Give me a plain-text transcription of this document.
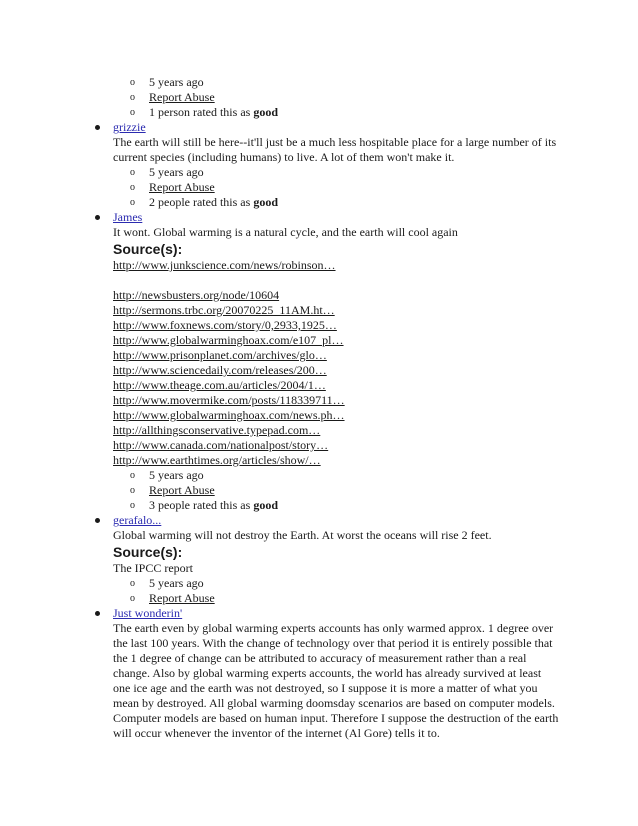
o 5 years ago
o Report Abuse
o 1 person rated this as good
grizzie
The earth will still be here--it'll just be a much less hospitable place for a large number of its current species (including humans) to live. A lot of them won't make it.
o 5 years ago
o Report Abuse
o 2 people rated this as good
James
It wont. Global warming is a natural cycle, and the earth will cool again
Source(s):
http://www.junkscience.com/news/robinson…
http://newsbusters.org/node/10604
http://sermons.trbc.org/20070225_11AM.ht…
http://www.foxnews.com/story/0,2933,1925…
http://www.globalwarminghoax.com/e107_pl…
http://www.prisonplanet.com/archives/glo…
http://www.sciencedaily.com/releases/200…
http://www.theage.com.au/articles/2004/1…
http://www.movermike.com/posts/118339711…
http://www.globalwarminghoax.com/news.ph…
http://allthingsconservative.typepad.com…
http://www.canada.com/nationalpost/story…
http://www.earthtimes.org/articles/show/…
o 5 years ago
o Report Abuse
o 3 people rated this as good
gerafalo...
Global warming will not destroy the Earth. At worst the oceans will rise 2 feet.
Source(s):
The IPCC report
o 5 years ago
o Report Abuse
Just wonderin'
The earth even by global warming experts accounts has only warmed approx. 1 degree over the last 100 years. With the change of technology over that period it is entirely possible that the 1 degree of change can be attributed to accuracy of measurement rather than a real change. Also by global warming experts accounts, the world has already survived at least one ice age and the earth was not destroyed, so I suppose it is more a matter of what you mean by destroyed. All global warming doomsday scenarios are based on computer models. Computer models are based on human input. Therefore I suppose the destruction of the earth will occur whenever the inventor of the internet (Al Gore) tells it to.
